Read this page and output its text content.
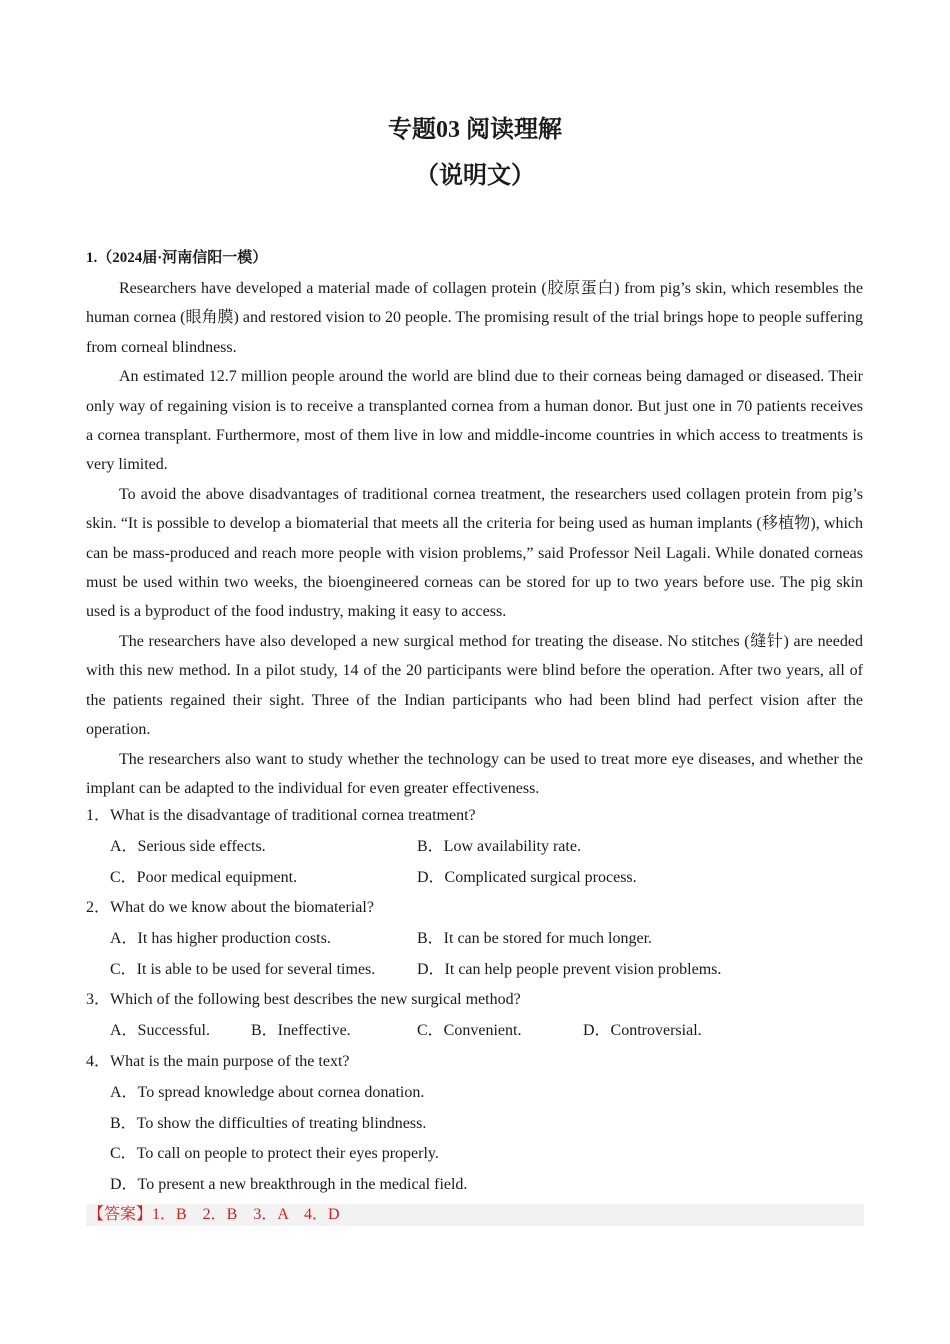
专题03 阅读理解
（说明文）
1.（2024届·河南信阳一模）

Researchers have developed a material made of collagen protein (胶原蛋白) from pig’s skin, which resembles the human cornea (眼角膜) and restored vision to 20 people. The promising result of the trial brings hope to people suffering from corneal blindness.

An estimated 12.7 million people around the world are blind due to their corneas being damaged or diseased. Their only way of regaining vision is to receive a transplanted cornea from a human donor. But just one in 70 patients receives a cornea transplant. Furthermore, most of them live in low and middle-income countries in which access to treatments is very limited.

To avoid the above disadvantages of traditional cornea treatment, the researchers used collagen protein from pig’s skin. “It is possible to develop a biomaterial that meets all the criteria for being used as human implants (移植物), which can be mass-produced and reach more people with vision problems,” said Professor Neil Lagali. While donated corneas must be used within two weeks, the bioengineered corneas can be stored for up to two years before use. The pig skin used is a byproduct of the food industry, making it easy to access.

The researchers have also developed a new surgical method for treating the disease. No stitches (缝针) are needed with this new method. In a pilot study, 14 of the 20 participants were blind before the operation. After two years, all of the patients regained their sight. Three of the Indian participants who had been blind had perfect vision after the operation.

The researchers also want to study whether the technology can be used to treat more eye diseases, and whether the implant can be adapted to the individual for even greater effectiveness.

1．What is the disadvantage of traditional cornea treatment?
A．Serious side effects.	B．Low availability rate.
C．Poor medical equipment.	D．Complicated surgical process.
2．What do we know about the biomaterial?
A．It has higher production costs.	B．It can be stored for much longer.
C．It is able to be used for several times.	D．It can help people prevent vision problems.
3．Which of the following best describes the new surgical method?
A．Successful.	B．Ineffective.	C．Convenient.	D．Controversial.
4．What is the main purpose of the text?
A．To spread knowledge about cornea donation.
B．To show the difficulties of treating blindness.
C．To call on people to protect their eyes properly.
D．To present a new breakthrough in the medical field.
【答案】1．B　2．B　3．A　4．D
